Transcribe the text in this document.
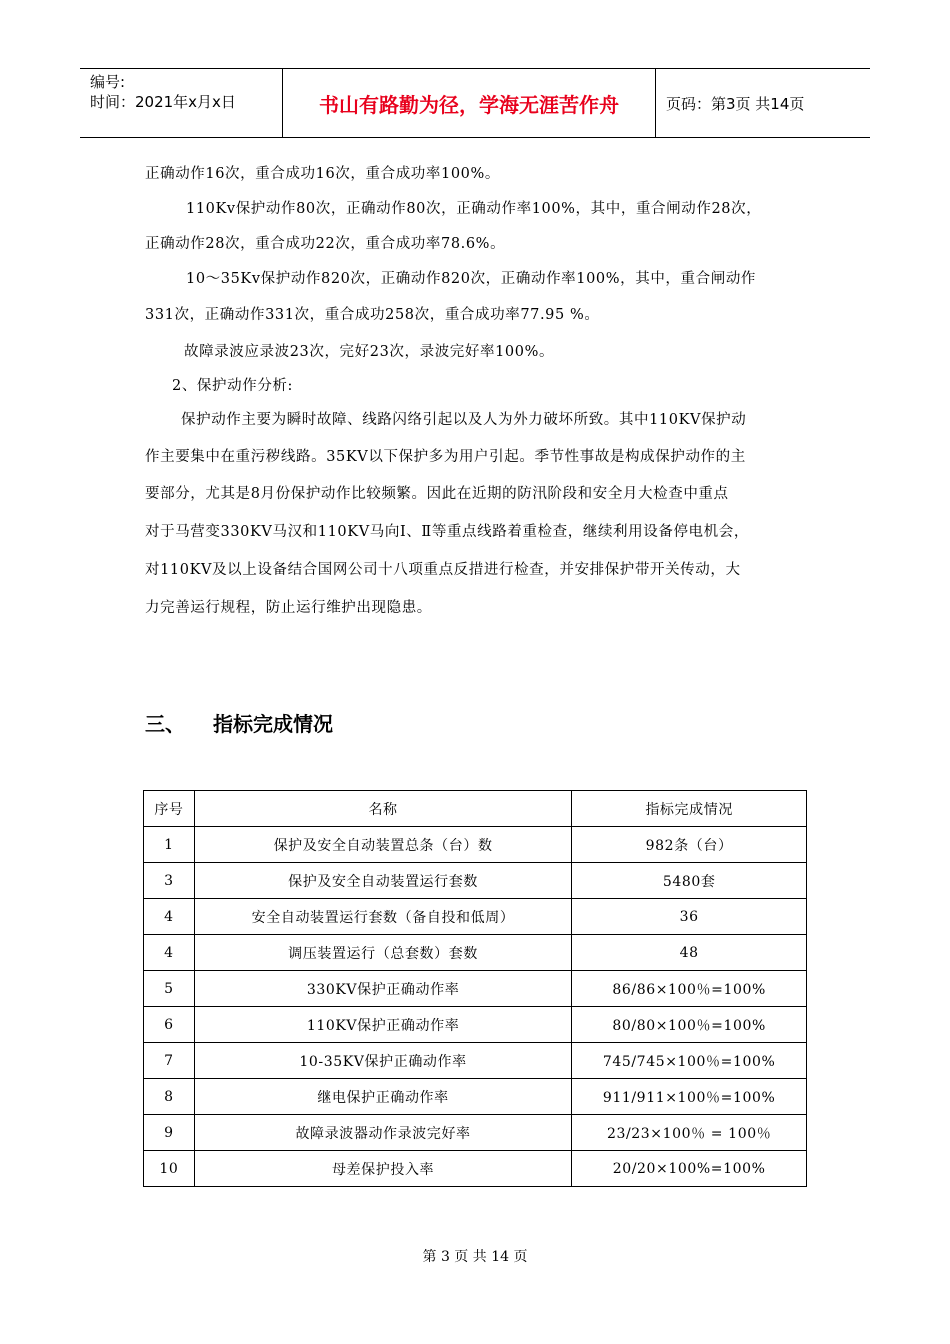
编号:
时间：2021年x月x日	书山有路勤为径，学海无涯苦作舟	页码：第3页 共14页
正确动作16次，重合成功16次，重合成功率100%。
110Kv保护动作80次，正确动作80次，正确动作率100%，其中，重合闸动作28次，
正确动作28次，重合成功22次，重合成功率78.6%。
10～35Kv保护动作820次，正确动作820次，正确动作率100%，其中，重合闸动作
331次，正确动作331次，重合成功258次，重合成功率77.95 %。
故障录波应录波23次，完好23次，录波完好率100%。
2、保护动作分析:
保护动作主要为瞬时故障、线路闪络引起以及人为外力破坏所致。其中110KV保护动
作主要集中在重污秽线路。35KV以下保护多为用户引起。季节性事故是构成保护动作的主
要部分，尤其是8月份保护动作比较频繁。因此在近期的防汛阶段和安全月大检查中重点
对于马营变330KV马汉和110KV马向Ⅰ、Ⅱ等重点线路着重检查，继续利用设备停电机会，
对110KV及以上设备结合国网公司十八项重点反措进行检查，并安排保护带开关传动，大
力完善运行规程，防止运行维护出现隐患。
三、 指标完成情况
序号	名称	指标完成情况
1	保护及安全自动装置总条（台）数	982条（台）
3	保护及安全自动装置运行套数	5480套
4	安全自动装置运行套数（备自投和低周）	36
4	调压装置运行（总套数）套数	48
5	330KV保护正确动作率	86/86×100％=100%
6	110KV保护正确动作率	80/80×100％=100%
7	10-35KV保护正确动作率	745/745×100％=100%
8	继电保护正确动作率	911/911×100％=100%
9	故障录波器动作录波完好率	23/23×100％ = 100％
10	母差保护投入率	20/20×100%=100%
第 3 页 共 14 页
